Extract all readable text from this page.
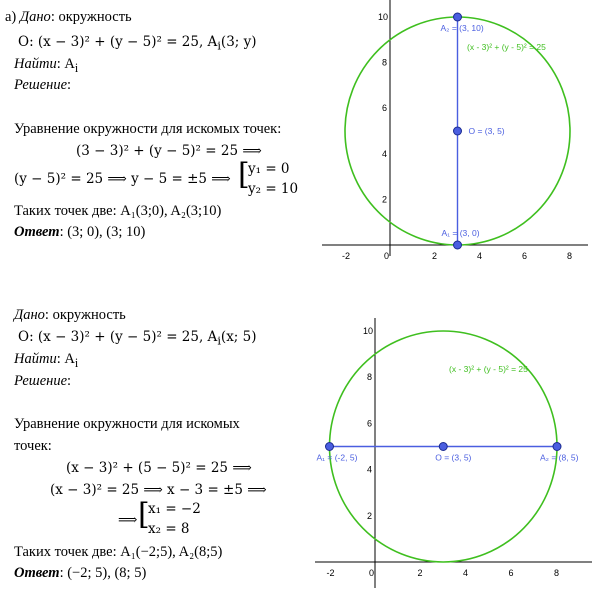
а) Дано: окружность
O: (x − 3)² + (y − 5)² = 25, $A_i(3$; y)
Найти: $A_i$
Решение:
Уравнение окружности для искомых точек:
(3 − 3)² + (y − 5)² = 25 ⟹
(y − 5)² = 25 ⟹ y − 5 = ±5 ⟹ [
y₁ = 0
y₂ = 10
Таких точек две: A₁(3;0), A₂(3;10)
Ответ: (3; 0), (3; 10)
Дано: окружность
O: (x − 3)² + (y − 5)² = 25, $A_i(x$; 5)
Найти: $A_i$
Решение:
Уравнение окружности для искомых
точек:
(x − 3)² + (5 − 5)² = 25 ⟹
(x − 3)² = 25 ⟹ x − 3 = ±5 ⟹
⟹ [
x₁ = −2
x₂ = 8
Таких точек две: A₁(−2;5), A₂(8;5)
Ответ: (−2; 5), (8; 5)
-2	0	2	4	6	8
2
4
6
8
10
A₂ = (3, 10)
O = (3, 5)
A₁ = (3, 0)
(x - 3)² + (y - 5)² = 25
-2	0	2	4	6	8
2
4
6
8
10
A₁ = (-2, 5)	O = (3, 5)	A₂ = (8, 5)
(x - 3)² + (y - 5)² = 25
